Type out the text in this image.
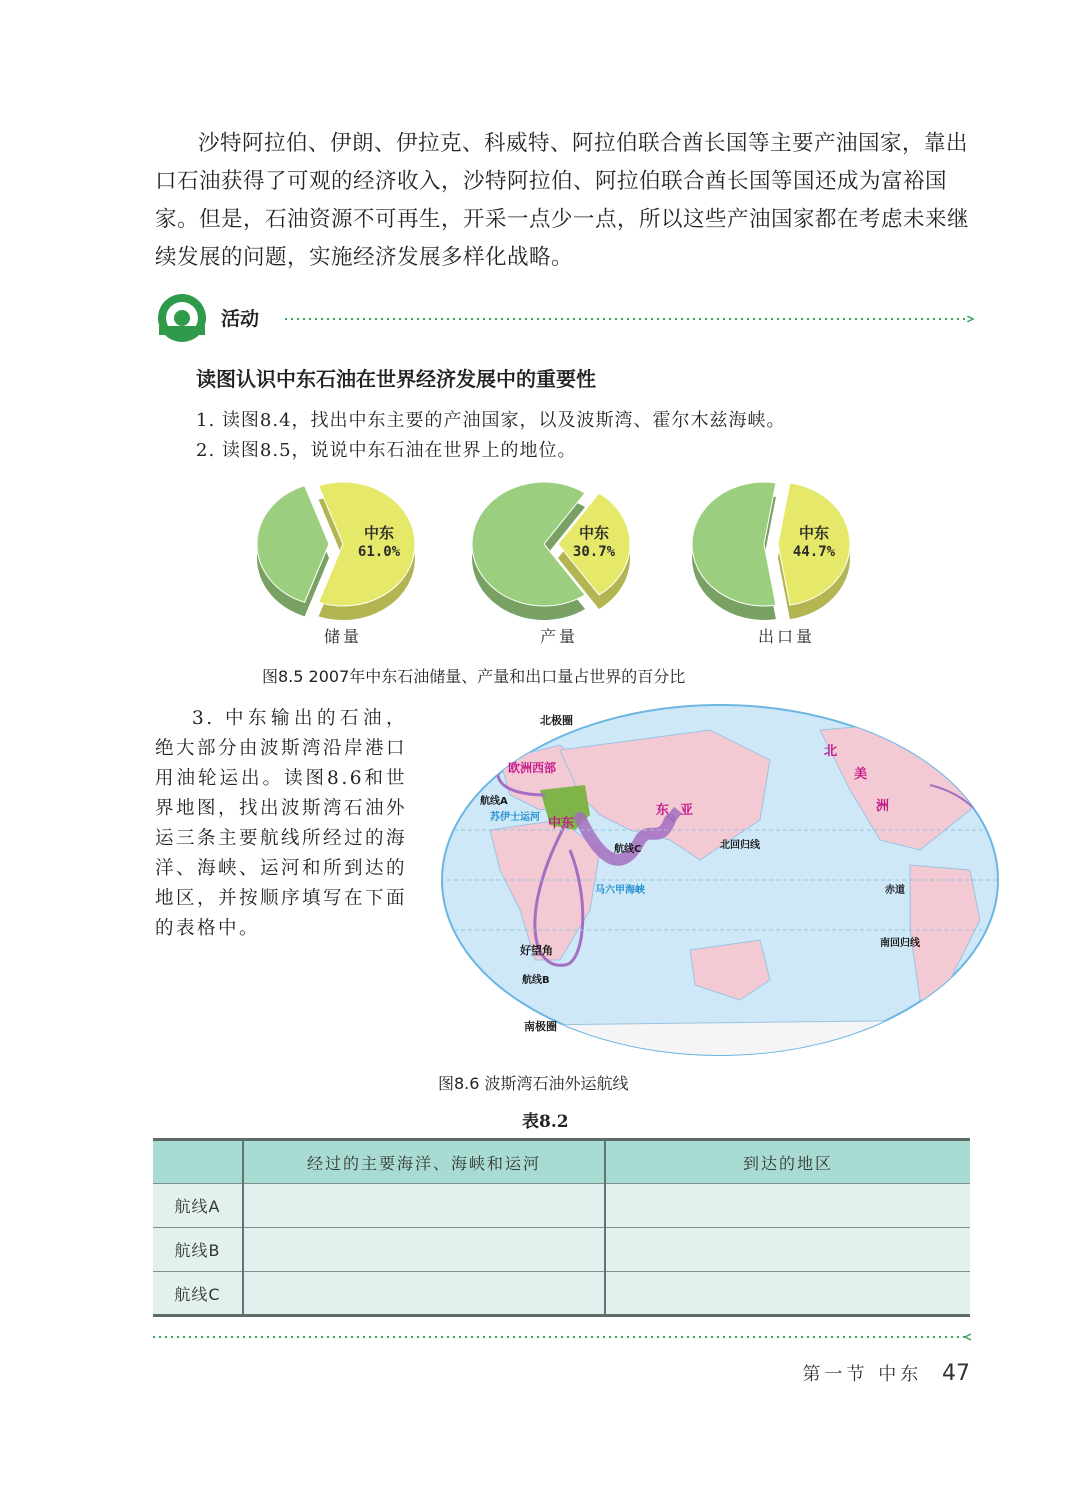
沙特阿拉伯、伊朗、伊拉克、科威特、阿拉伯联合酋长国等主要产油国家，靠出口石油获得了可观的经济收入，沙特阿拉伯、阿拉伯联合酋长国等国还成为富裕国家。但是，石油资源不可再生，开采一点少一点，所以这些产油国家都在考虑未来继续发展的问题，实施经济发展多样化战略。

活动
读图认识中东石油在世界经济发展中的重要性
1. 读图8.4，找出中东主要的产油国家，以及波斯湾、霍尔木兹海峡。
2. 读图8.5，说说中东石油在世界上的地位。
中东
61.0%
中东
30.7%
中东
44.7%
储量	产量	出口量
图8.5 2007年中东石油储量、产量和出口量占世界的百分比

3. 中东输出的石油，绝大部分由波斯湾沿岸港口用油轮运出。读图8.6和世界地图，找出波斯湾石油外运三条主要航线所经过的海洋、海峡、运河和所到达的地区，并按顺序填写在下面的表格中。

北极圈
欧洲西部
航线A
苏伊士运河 中东
东 亚
航线C
马六甲海峡
好望角
航线B
南极圈
北回归线
赤道
南回归线
北
美
洲
图8.6 波斯湾石油外运航线
表8.2
	经过的主要海洋、海峡和运河	到达的地区
航线A		
航线B		
航线C		
第一节 中东 47
